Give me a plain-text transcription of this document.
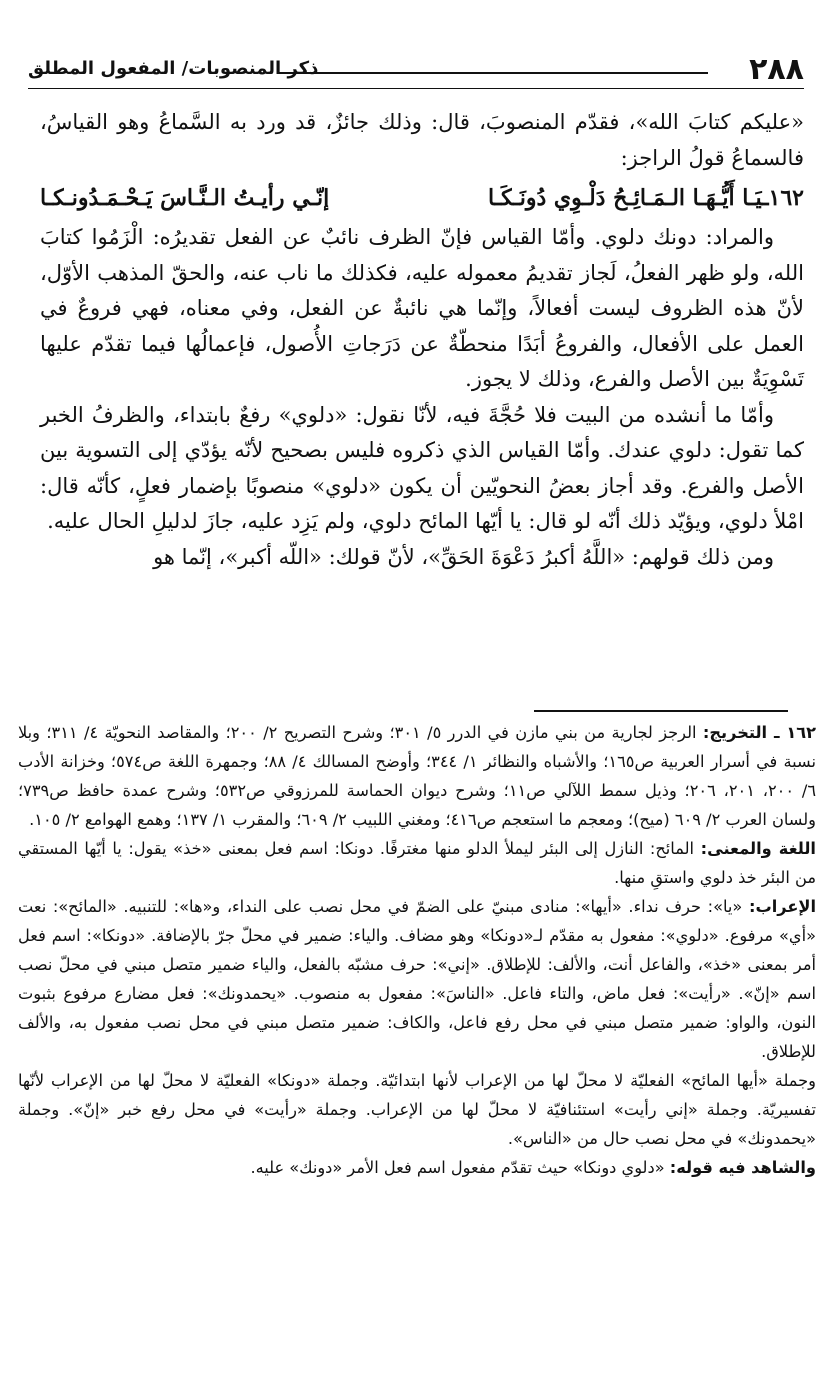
٢٨٨
ذكر المنصوبات/ المفعول المطلق

«عليكم كتابَ الله»، فقدّم المنصوبَ، قال: وذلك جائزٌ، قد ورد به السَّماعُ وهو القياسُ، فالسماعُ قولُ الراجز:

١٦٢ـيَـا أَيُّـهَـا الـمَـائِـحُ دَلْـوِي دُونَـكَـا
إنّـي رأيـتُ الـنَّـاسَ يَـحْـمَـدُونـكـا

والمراد: دونك دلوي. وأمّا القياس فإنّ الظرف نائبٌ عن الفعل تقديرُه: الْزَمُوا كتابَ الله، ولو ظهر الفعلُ، لَجاز تقديمُ معموله عليه، فكذلك ما ناب عنه، والحقّ المذهب الأوّل، لأنّ هذه الظروف ليست أفعالاً، وإنّما هي نائبةٌ عن الفعل، وفي معناه، فهي فروعٌ في العمل على الأفعال، والفروعُ أبَدًا منحطّةٌ عن دَرَجاتِ الأُصول، فإعمالُها فيما تقدّم عليها تَسْوِيَةٌ بين الأصل والفرع، وذلك لا يجوز.

وأمّا ما أنشده من البيت فلا حُجَّةَ فيه، لأنّا نقول: «دلوي» رفعٌ بابتداء، والظرفُ الخبر كما تقول: دلوي عندك. وأمّا القياس الذي ذكروه فليس بصحيح لأنّه يؤدّي إلى التسوية بين الأصل والفرع. وقد أجاز بعضُ النحويّين أن يكون «دلوي» منصوبًا بإضمار فعلٍ، كأنّه قال: امْلأ دلوي، ويؤيّد ذلك أنّه لو قال: يا أيّها المائح دلوي، ولم يَزِد عليه، جازَ لدليلِ الحال عليه.

ومن ذلك قولهم: «اللَّهُ أكبرُ دَعْوَةَ الحَقِّ»، لأنّ قولك: «اللّه أكبر»، إنّما هو

١٦٢ ـ التخريج: الرجز لجارية من بني مازن في الدرر ٥/ ٣٠١؛ وشرح التصريح ٢/ ٢٠٠؛ والمقاصد النحويّة ٤/ ٣١١؛ وبلا نسبة في أسرار العربية ص١٦٥؛ والأشباه والنظائر ١/ ٣٤٤؛ وأوضح المسالك ٤/ ٨٨؛ وجمهرة اللغة ص٥٧٤؛ وخزانة الأدب ٦/ ٢٠٠، ٢٠١، ٢٠٦؛ وذيل سمط اللآلي ص١١؛ وشرح ديوان الحماسة للمرزوقي ص٥٣٢؛ وشرح عمدة حافظ ص٧٣٩؛ ولسان العرب ٢/ ٦٠٩ (ميح)؛ ومعجم ما استعجم ص٤١٦؛ ومغني اللبيب ٢/ ٦٠٩؛ والمقرب ١/ ١٣٧؛ وهمع الهوامع ٢/ ١٠٥.

اللغة والمعنى: المائح: النازل إلى البئر ليملأ الدلو منها مغترفًا. دونكا: اسم فعل بمعنى «خذ» يقول: يا أيّها المستقي من البئر خذ دلوي واستقِ منها.

الإعراب: «يا»: حرف نداء. «أيها»: منادى مبنيّ على الضمّ في محل نصب على النداء، و«ها»: للتنبيه. «المائح»: نعت «أي» مرفوع. «دلوي»: مفعول به مقدّم لـ«دونكا» وهو مضاف. والياء: ضمير في محلّ جرّ بالإضافة. «دونكا»: اسم فعل أمر بمعنى «خذ»، والفاعل أنت، والألف: للإطلاق. «إني»: حرف مشبّه بالفعل، والياء ضمير متصل مبني في محلّ نصب اسم «إنّ». «رأيت»: فعل ماض، والتاء فاعل. «الناسَ»: مفعول به منصوب. «يحمدونك»: فعل مضارع مرفوع بثبوت النون، والواو: ضمير متصل مبني في محل رفع فاعل، والكاف: ضمير متصل مبني في محل نصب مفعول به، والألف للإطلاق.

وجملة «أيها المائح» الفعليّة لا محلّ لها من الإعراب لأنها ابتدائيّة. وجملة «دونكا» الفعليّة لا محلّ لها من الإعراب لأنّها تفسيريّة. وجملة «إني رأيت» استئنافيّة لا محلّ لها من الإعراب. وجملة «رأيت» في محل رفع خبر «إنّ». وجملة «يحمدونك» في محل نصب حال من «الناس».

والشاهد فيه قوله: «دلوي دونكا» حيث تقدّم مفعول اسم فعل الأمر «دونك» عليه.
